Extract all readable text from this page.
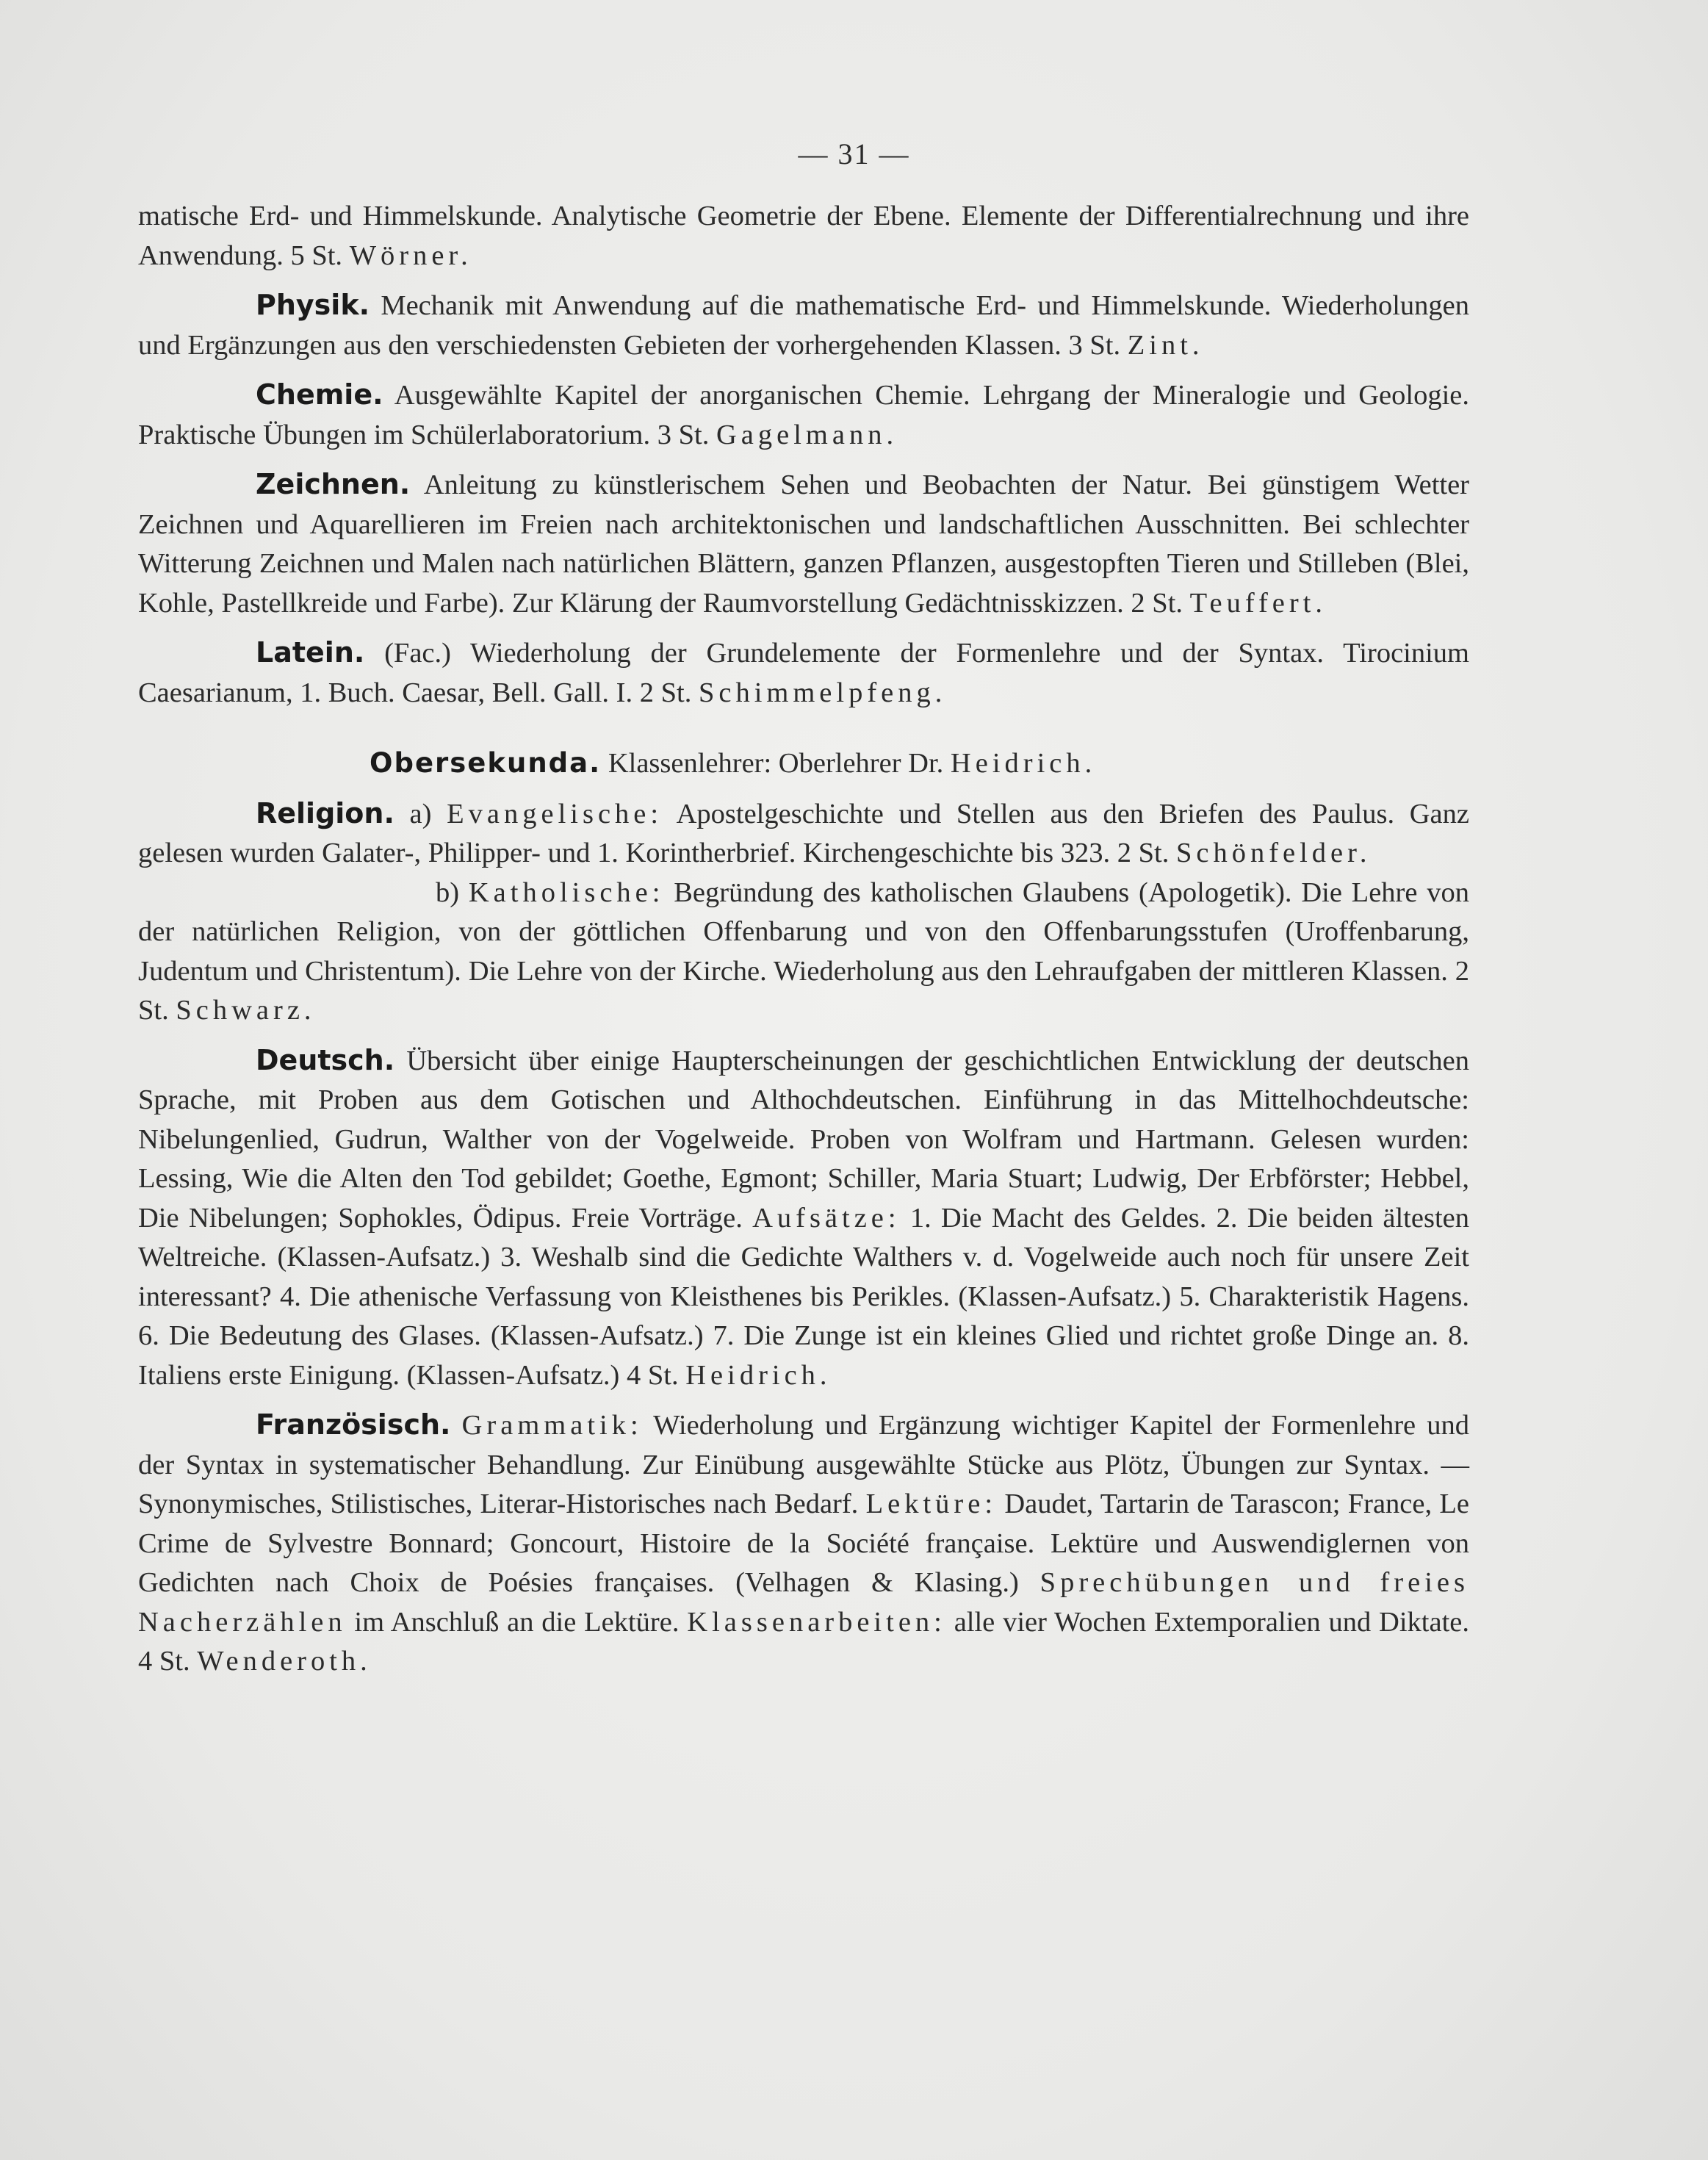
— 31 —

matische Erd- und Himmelskunde. Analytische Geometrie der Ebene. Elemente der Differentialrechnung und ihre Anwendung. 5 St. Wörner.

Physik. Mechanik mit Anwendung auf die mathematische Erd- und Himmelskunde. Wiederholungen und Ergänzungen aus den verschiedensten Gebieten der vorhergehenden Klassen. 3 St. Zint.

Chemie. Ausgewählte Kapitel der anorganischen Chemie. Lehrgang der Mineralogie und Geologie. Praktische Übungen im Schülerlaboratorium. 3 St. Gagelmann.

Zeichnen. Anleitung zu künstlerischem Sehen und Beobachten der Natur. Bei günstigem Wetter Zeichnen und Aquarellieren im Freien nach architektonischen und landschaftlichen Ausschnitten. Bei schlechter Witterung Zeichnen und Malen nach natürlichen Blättern, ganzen Pflanzen, ausgestopften Tieren und Stilleben (Blei, Kohle, Pastellkreide und Farbe). Zur Klärung der Raumvorstellung Gedächtnisskizzen. 2 St. Teuffert.

Latein. (Fac.) Wiederholung der Grundelemente der Formenlehre und der Syntax. Tirocinium Caesarianum, 1. Buch. Caesar, Bell. Gall. I. 2 St. Schimmelpfeng.

Obersekunda. Klassenlehrer: Oberlehrer Dr. Heidrich.

Religion. a) Evangelische: Apostelgeschichte und Stellen aus den Briefen des Paulus. Ganz gelesen wurden Galater-, Philipper- und 1. Korintherbrief. Kirchengeschichte bis 323. 2 St. Schönfelder.

b) Katholische: Begründung des katholischen Glaubens (Apologetik). Die Lehre von der natürlichen Religion, von der göttlichen Offenbarung und von den Offenbarungsstufen (Uroffenbarung, Judentum und Christentum). Die Lehre von der Kirche. Wiederholung aus den Lehraufgaben der mittleren Klassen. 2 St. Schwarz.

Deutsch. Übersicht über einige Haupterscheinungen der geschichtlichen Entwicklung der deutschen Sprache, mit Proben aus dem Gotischen und Althochdeutschen. Einführung in das Mittelhochdeutsche: Nibelungenlied, Gudrun, Walther von der Vogelweide. Proben von Wolfram und Hartmann. Gelesen wurden: Lessing, Wie die Alten den Tod gebildet; Goethe, Egmont; Schiller, Maria Stuart; Ludwig, Der Erbförster; Hebbel, Die Nibelungen; Sophokles, Ödipus. Freie Vorträge. Aufsätze: 1. Die Macht des Geldes. 2. Die beiden ältesten Weltreiche. (Klassen-Aufsatz.) 3. Weshalb sind die Gedichte Walthers v. d. Vogelweide auch noch für unsere Zeit interessant? 4. Die athenische Verfassung von Kleisthenes bis Perikles. (Klassen-Aufsatz.) 5. Charakteristik Hagens. 6. Die Bedeutung des Glases. (Klassen-Aufsatz.) 7. Die Zunge ist ein kleines Glied und richtet große Dinge an. 8. Italiens erste Einigung. (Klassen-Aufsatz.) 4 St. Heidrich.

Französisch. Grammatik: Wiederholung und Ergänzung wichtiger Kapitel der Formenlehre und der Syntax in systematischer Behandlung. Zur Einübung ausgewählte Stücke aus Plötz, Übungen zur Syntax. — Synonymisches, Stilistisches, Literar-Historisches nach Bedarf. Lektüre: Daudet, Tartarin de Tarascon; France, Le Crime de Sylvestre Bonnard; Goncourt, Histoire de la Société française. Lektüre und Auswendiglernen von Gedichten nach Choix de Poésies françaises. (Velhagen & Klasing.) Sprechübungen und freies Nacherzählen im Anschluß an die Lektüre. Klassenarbeiten: alle vier Wochen Extemporalien und Diktate. 4 St. Wenderoth.
